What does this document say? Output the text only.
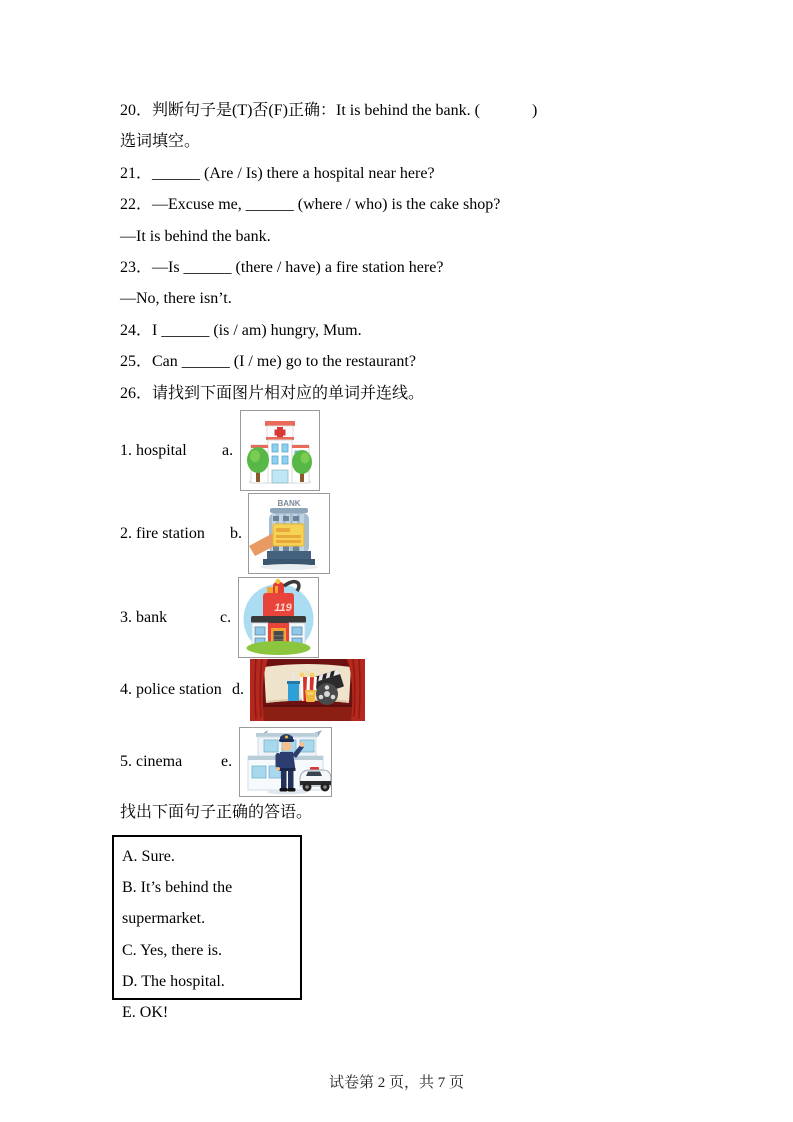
20．判断句子是(T)否(F)正确：It is behind the bank. (             )

选词填空。

21．______ (Are / Is) there a hospital near here?

22．—Excuse me, ______ (where / who) is the cake shop?

—It is behind the bank.

23．—Is ______ (there / have) a fire station here?

—No, there isn’t.

24．I ______ (is / am) hungry, Mum.

25．Can ______ (I / me) go to the restaurant?

26．请找到下面图片相对应的单词并连线。

1. hospital	a.
2. fire station	b.
BANK
3. bank	c.
119
4. police station d.
5. cinema	e.

找出下面句子正确的答语。

A. Sure.

B. It’s behind the supermarket.

C. Yes, there is.

D. The hospital.

E. OK!

试卷第 2 页，共 7 页
